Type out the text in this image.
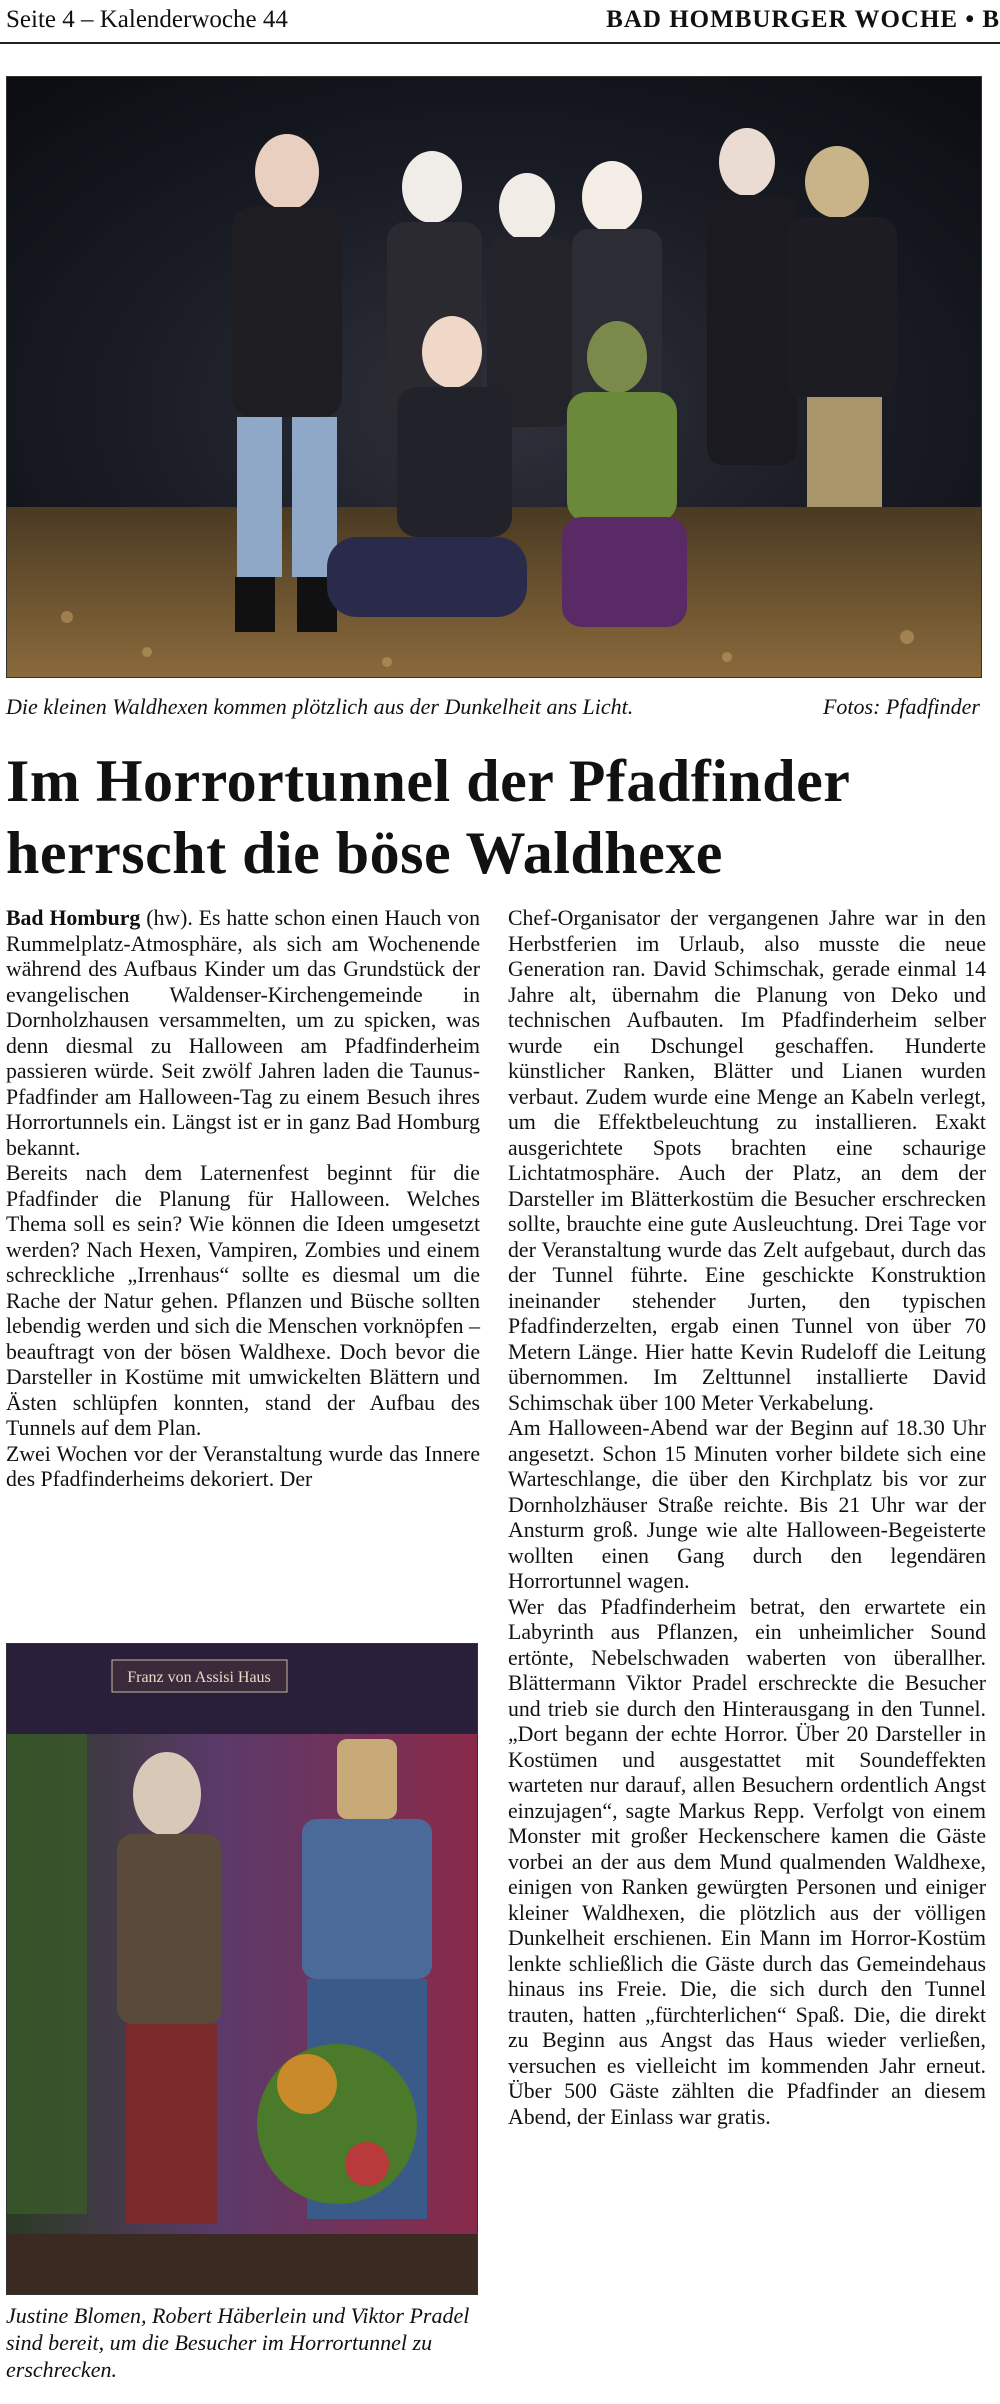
Seite 4 – Kalenderwoche 44	BAD HOMBURGER WOCHE • B
Die kleinen Waldhexen kommen plötzlich aus der Dunkelheit ans Licht.	Fotos: Pfadfinder
Im Horrortunnel der Pfadfinder
herrscht die böse Waldhexe

Bad Homburg (hw). Es hatte schon einen Hauch von Rummelplatz-Atmosphäre, als sich am Wochenende während des Aufbaus Kinder um das Grundstück der evangelischen Waldenser-Kirchengemeinde in Dornholzhausen versammelten, um zu spicken, was denn diesmal zu Halloween am Pfadfinderheim passieren würde. Seit zwölf Jahren laden die Taunus-Pfadfinder am Halloween-Tag zu einem Besuch ihres Horrortunnels ein. Längst ist er in ganz Bad Homburg bekannt.

Bereits nach dem Laternenfest beginnt für die Pfadfinder die Planung für Halloween. Welches Thema soll es sein? Wie können die Ideen umgesetzt werden? Nach Hexen, Vampiren, Zombies und einem schreckliche „Irrenhaus“ sollte es diesmal um die Rache der Natur gehen. Pflanzen und Büsche sollten lebendig werden und sich die Menschen vorknöpfen – beauftragt von der bösen Waldhexe. Doch bevor die Darsteller in Kostüme mit umwickelten Blättern und Ästen schlüpfen konnten, stand der Aufbau des Tunnels auf dem Plan.

Zwei Wochen vor der Veranstaltung wurde das Innere des Pfadfinderheims dekoriert. Der

Franz von Assisi Haus
Justine Blomen, Robert Häberlein und Viktor Pradel sind bereit, um die Besucher im Horrortunnel zu erschrecken.

Chef-Organisator der vergangenen Jahre war in den Herbstferien im Urlaub, also musste die neue Generation ran. David Schimschak, gerade einmal 14 Jahre alt, übernahm die Planung von Deko und technischen Aufbauten. Im Pfadfinderheim selber wurde ein Dschungel geschaffen. Hunderte künstlicher Ranken, Blätter und Lianen wurden verbaut. Zudem wurde eine Menge an Kabeln verlegt, um die Effektbeleuchtung zu installieren. Exakt ausgerichtete Spots brachten eine schaurige Lichtatmosphäre. Auch der Platz, an dem der Darsteller im Blätterkostüm die Besucher erschrecken sollte, brauchte eine gute Ausleuchtung. Drei Tage vor der Veranstaltung wurde das Zelt aufgebaut, durch das der Tunnel führte. Eine geschickte Konstruktion ineinander stehender Jurten, den typischen Pfadfinderzelten, ergab einen Tunnel von über 70 Metern Länge. Hier hatte Kevin Rudeloff die Leitung übernommen. Im Zelttunnel installierte David Schimschak über 100 Meter Verkabelung.

Am Halloween-Abend war der Beginn auf 18.30 Uhr angesetzt. Schon 15 Minuten vorher bildete sich eine Warteschlange, die über den Kirchplatz bis vor zur Dornholzhäuser Straße reichte. Bis 21 Uhr war der Ansturm groß. Junge wie alte Halloween-Begeisterte wollten einen Gang durch den legendären Horrortunnel wagen.

Wer das Pfadfinderheim betrat, den erwartete ein Labyrinth aus Pflanzen, ein unheimlicher Sound ertönte, Nebelschwaden waberten von überallher. Blättermann Viktor Pradel erschreckte die Besucher und trieb sie durch den Hinterausgang in den Tunnel. „Dort begann der echte Horror. Über 20 Darsteller in Kostümen und ausgestattet mit Soundeffekten warteten nur darauf, allen Besuchern ordentlich Angst einzujagen“, sagte Markus Repp. Verfolgt von einem Monster mit großer Heckenschere kamen die Gäste vorbei an der aus dem Mund qualmenden Waldhexe, einigen von Ranken gewürgten Personen und einiger kleiner Waldhexen, die plötzlich aus der völligen Dunkelheit erschienen. Ein Mann im Horror-Kostüm lenkte schließlich die Gäste durch das Gemeindehaus hinaus ins Freie. Die, die sich durch den Tunnel trauten, hatten „fürchterlichen“ Spaß. Die, die direkt zu Beginn aus Angst das Haus wieder verließen, versuchen es vielleicht im kommenden Jahr erneut. Über 500 Gäste zählten die Pfadfinder an diesem Abend, der Einlass war gratis.
